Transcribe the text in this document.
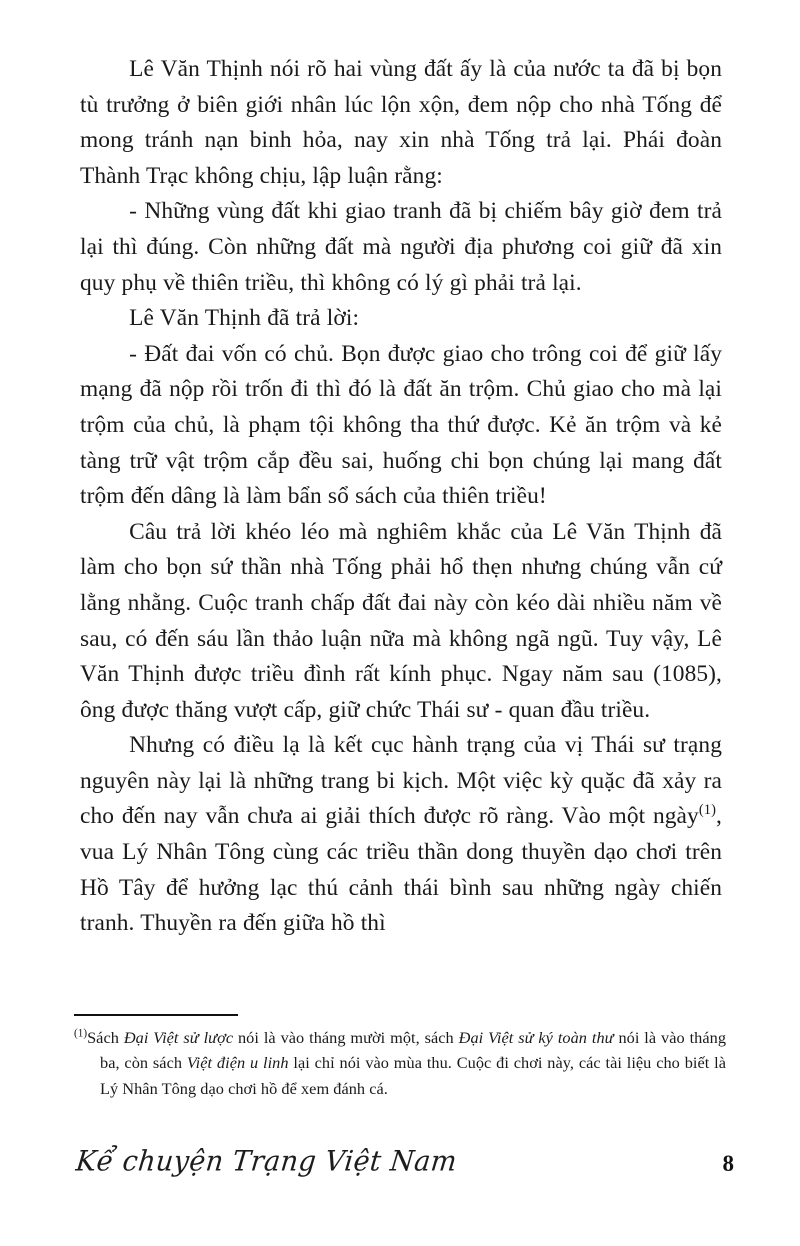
Lê Văn Thịnh nói rõ hai vùng đất ấy là của nước ta đã bị bọn tù trưởng ở biên giới nhân lúc lộn xộn, đem nộp cho nhà Tống để mong tránh nạn binh hỏa, nay xin nhà Tống trả lại. Phái đoàn Thành Trạc không chịu, lập luận rằng:

- Những vùng đất khi giao tranh đã bị chiếm bây giờ đem trả lại thì đúng. Còn những đất mà người địa phương coi giữ đã xin quy phụ về thiên triều, thì không có lý gì phải trả lại.

Lê Văn Thịnh đã trả lời:

- Đất đai vốn có chủ. Bọn được giao cho trông coi để giữ lấy mạng đã nộp rồi trốn đi thì đó là đất ăn trộm. Chủ giao cho mà lại trộm của chủ, là phạm tội không tha thứ được. Kẻ ăn trộm và kẻ tàng trữ vật trộm cắp đều sai, huống chi bọn chúng lại mang đất trộm đến dâng là làm bẩn sổ sách của thiên triều!

Câu trả lời khéo léo mà nghiêm khắc của Lê Văn Thịnh đã làm cho bọn sứ thần nhà Tống phải hổ thẹn nhưng chúng vẫn cứ lằng nhằng. Cuộc tranh chấp đất đai này còn kéo dài nhiều năm về sau, có đến sáu lần thảo luận nữa mà không ngã ngũ. Tuy vậy, Lê Văn Thịnh được triều đình rất kính phục. Ngay năm sau (1085), ông được thăng vượt cấp, giữ chức Thái sư - quan đầu triều.

Nhưng có điều lạ là kết cục hành trạng của vị Thái sư trạng nguyên này lại là những trang bi kịch. Một việc kỳ quặc đã xảy ra cho đến nay vẫn chưa ai giải thích được rõ ràng. Vào một ngày$^{(1)}$, vua Lý Nhân Tông cùng các triều thần dong thuyền dạo chơi trên Hồ Tây để hưởng lạc thú cảnh thái bình sau những ngày chiến tranh. Thuyền ra đến giữa hồ thì

$^{(1)}$Sách Đại Việt sử lược nói là vào tháng mười một, sách Đại Việt sử ký toàn thư nói là vào tháng ba, còn sách Việt điện u linh lại chỉ nói vào mùa thu. Cuộc đi chơi này, các tài liệu cho biết là Lý Nhân Tông dạo chơi hồ để xem đánh cá.

Kể chuyện Trạng Việt Nam	8
